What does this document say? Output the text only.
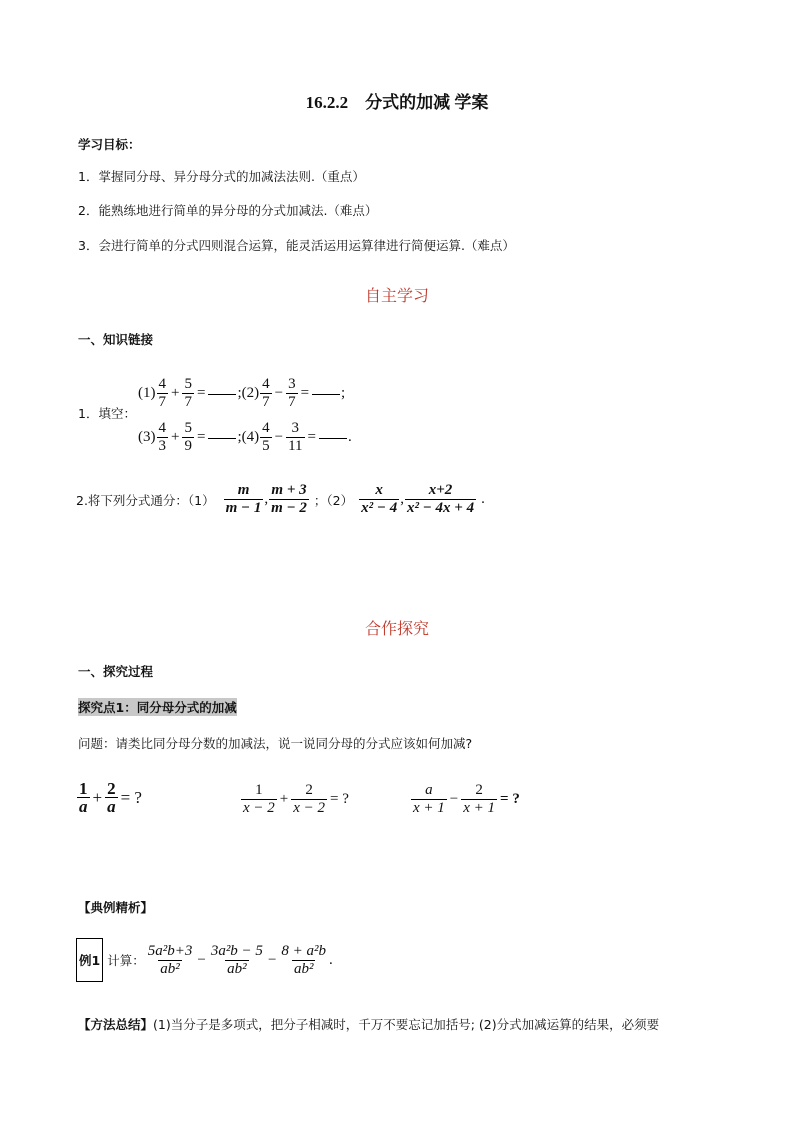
16.2.2　分式的加减 学案
学习目标：
1．掌握同分母、异分母分式的加减法法则.（重点）
2．能熟练地进行简单的异分母的分式加减法.（难点）
3．会进行简单的分式四则混合运算，能灵活运用运算律进行简便运算.（难点）
自主学习
一、知识链接
1．填空：
$(1) \frac{4}{7} + \frac{5}{7}$ = ; $(2) \frac{4}{7} - \frac{3}{7}$ = ;
$(3) \frac{4}{3} + \frac{5}{9}$ = ; $(4) \frac{4}{5} - \frac{3}{11}$ = .
2.将下列分式通分：$(1) \frac{m}{m - 1}$ , $\frac{m + 3}{m - 2}$ ；$(2) \frac{x}{\text{x² − 4}}$ , $\frac{x+2}{\text{x² − 4x + 4}}$ .
合作探究
一、探究过程
探究点1：同分母分式的加减
问题：请类比同分母分数的加减法，说一说同分母的分式应该如何加减?
$\frac{1}{a} + \frac{2}{a}$ = ?	$\frac{1}{x - 2} + \frac{2}{x - 2}$ = ?	$\frac{a}{x + 1} - \frac{2}{x + 1}$ = ?
【典例精析】
例1 计算： $\frac{\text{5a²b+3}}{\text{ab²}} - \frac{\text{3a²b − 5}}{\text{ab²}} - \frac{\text{8 + a²b}}{\text{ab²}}$ .
【方法总结】(1)当分子是多项式，把分子相减时，千万不要忘记加括号; (2)分式加减运算的结果，必须要
